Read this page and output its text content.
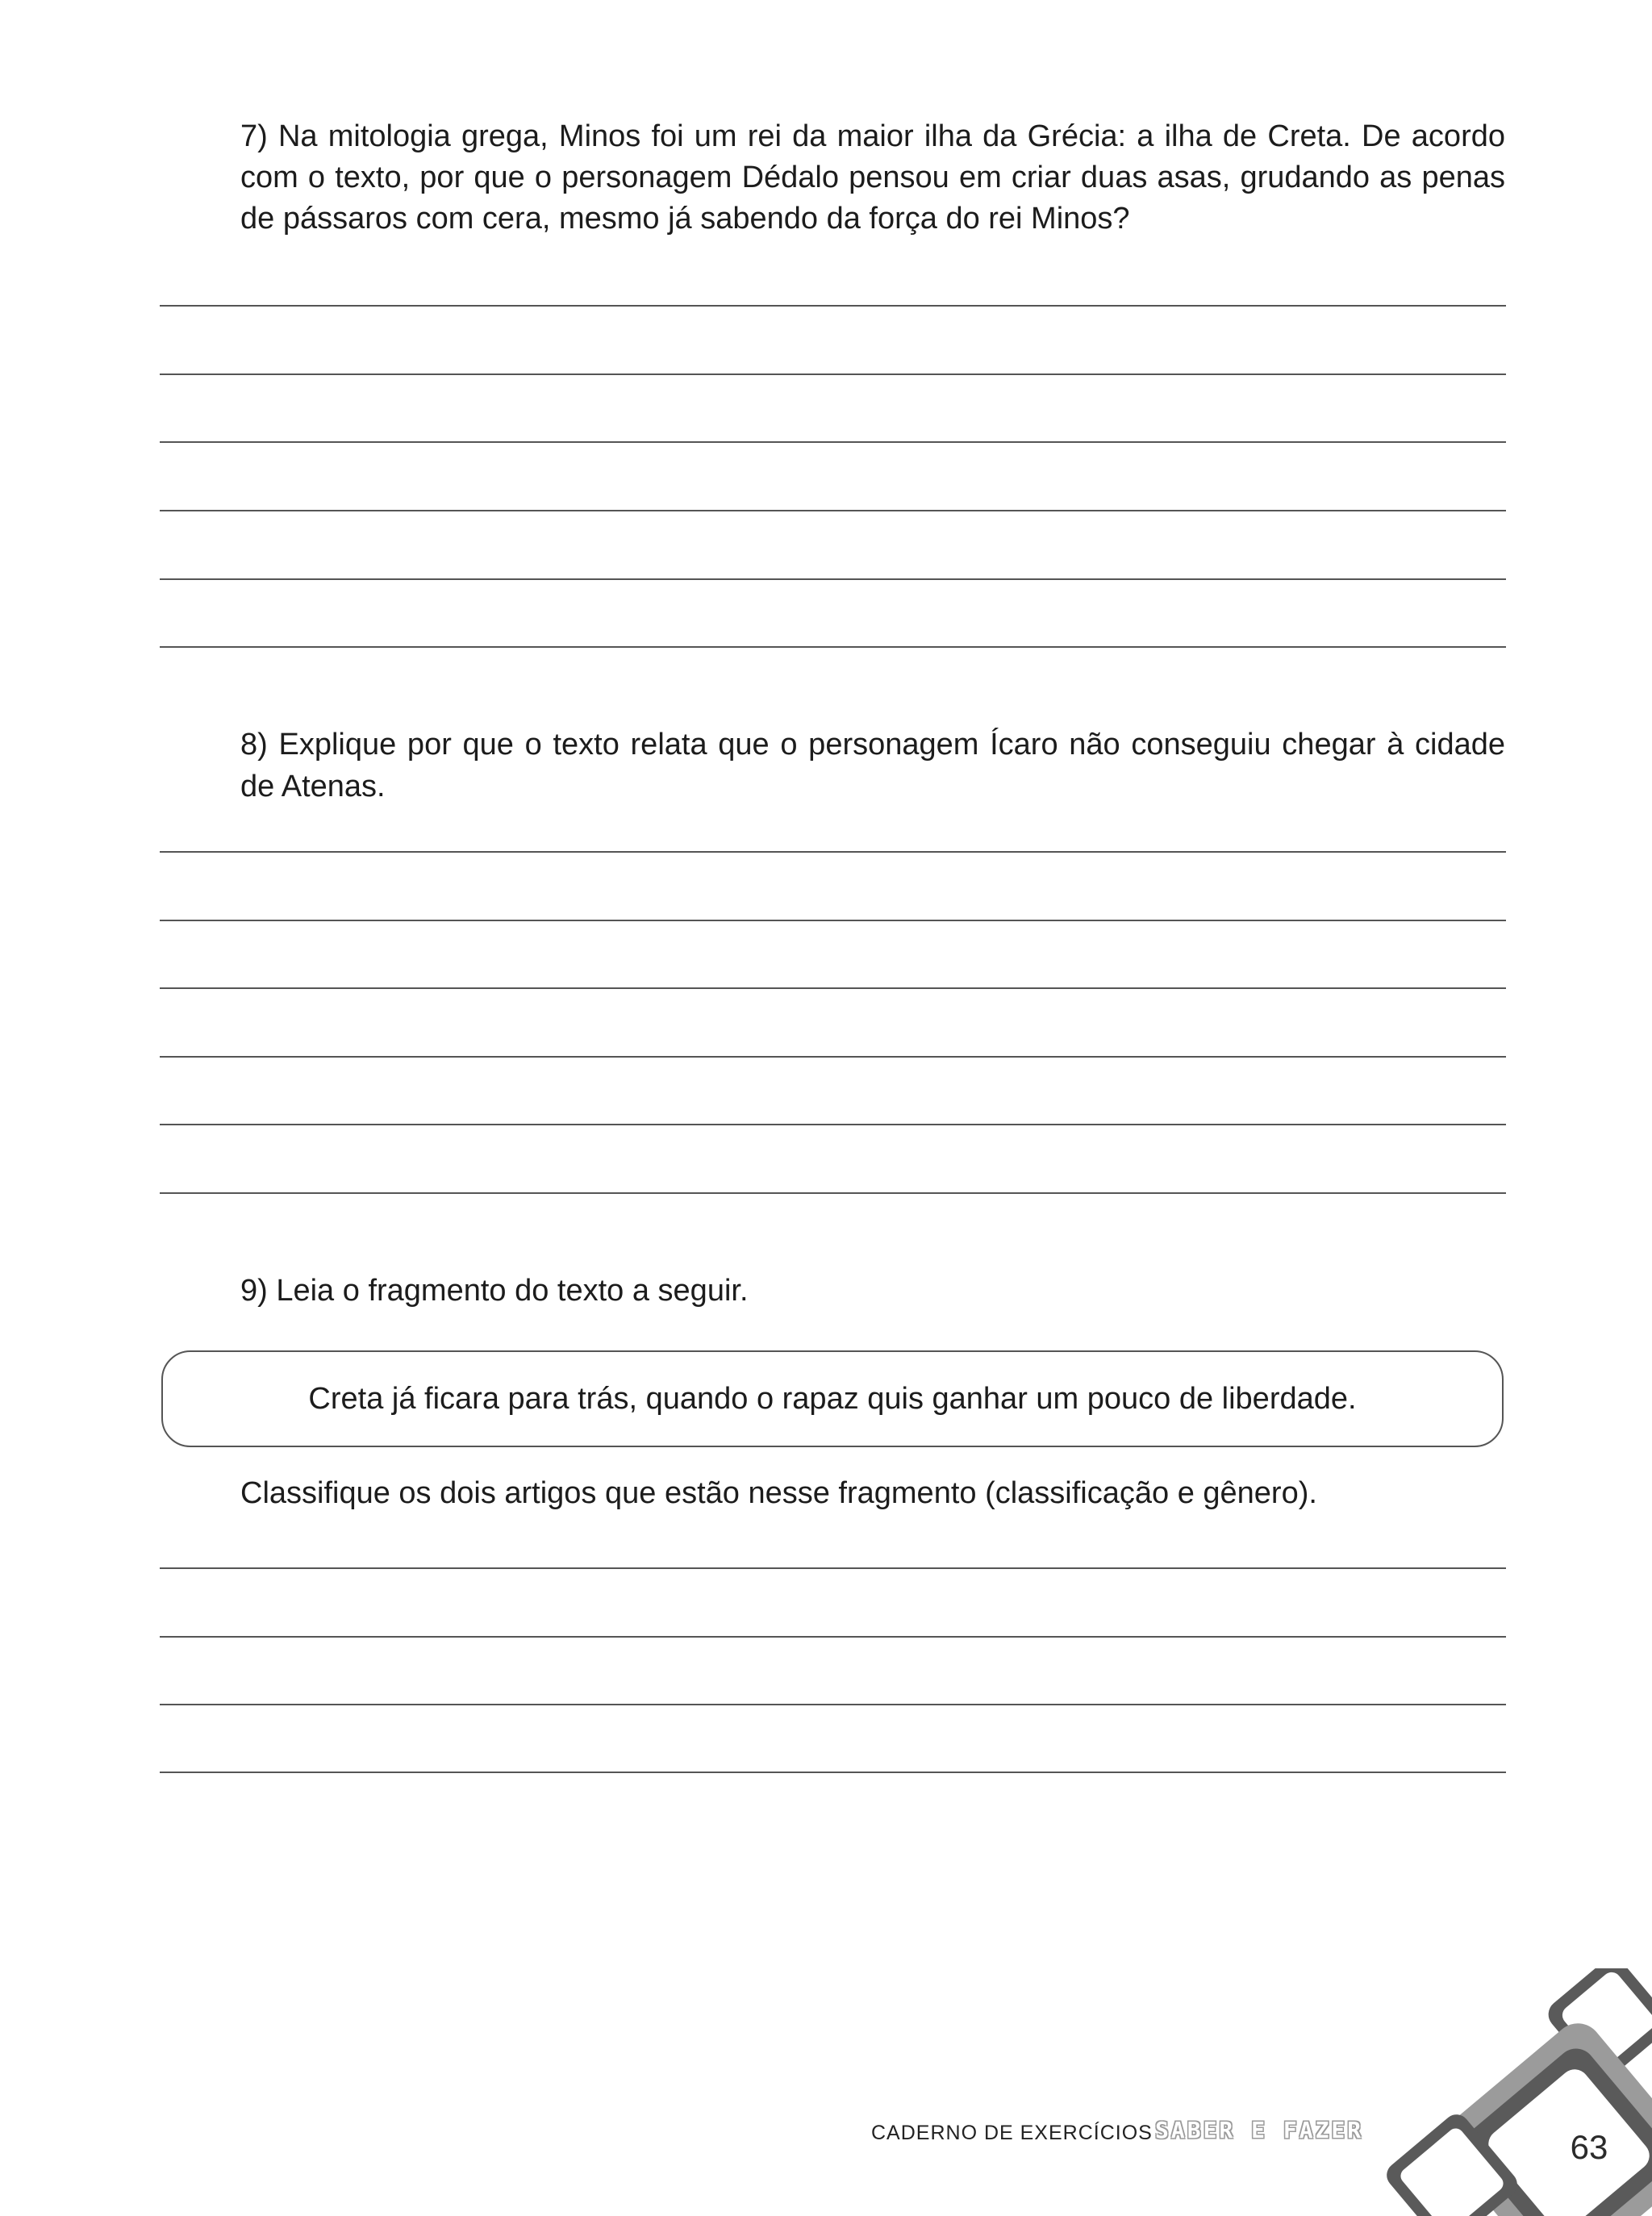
7) Na mitologia grega, Minos foi um rei da maior ilha da Grécia: a ilha de Creta. De acordo

com o texto, por que o personagem Dédalo pensou em criar duas asas, grudando as penas

de pássaros com cera, mesmo já sabendo da força do rei Minos?

8) Explique por que o texto relata que o personagem Ícaro não conseguiu chegar à cidade

de Atenas.

9) Leia o fragmento do texto a seguir.

Creta já ficara para trás, quando o rapaz quis ganhar um pouco de liberdade.

Classifique os dois artigos que estão nesse fragmento (classificação e gênero).

CADERNO DE EXERCÍCIOS SABER E FAZER	63
